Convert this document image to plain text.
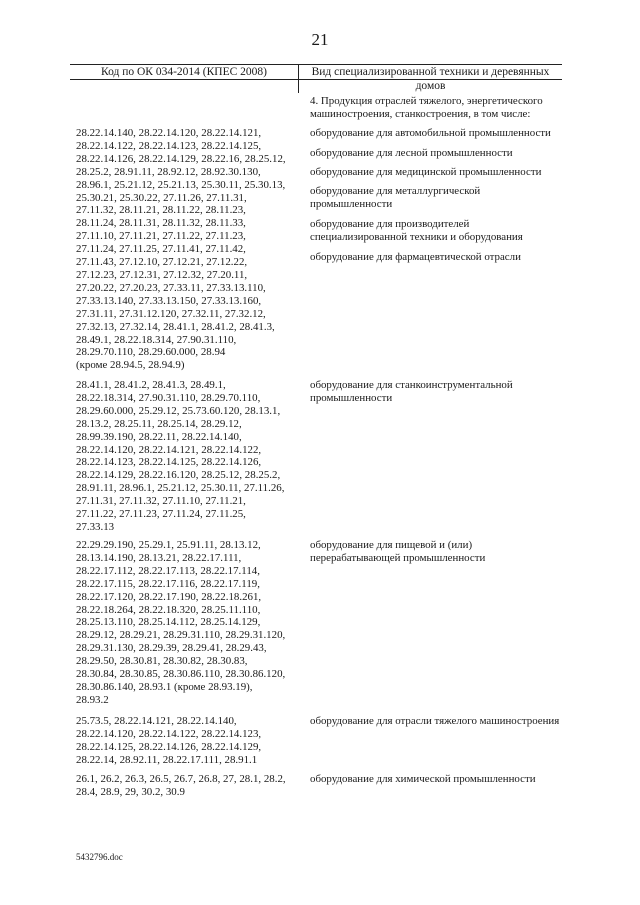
21
Код по ОК 034-2014 (КПЕС 2008)	Вид специализированной техники и деревянных домов
4. Продукция отраслей тяжелого, энергетического
машиностроения, станкостроения, в том числе:
28.22.14.140, 28.22.14.120, 28.22.14.121,
28.22.14.122, 28.22.14.123, 28.22.14.125,
28.22.14.126, 28.22.14.129, 28.22.16, 28.25.12,
28.25.2, 28.91.11, 28.92.12, 28.92.30.130,
28.96.1, 25.21.12, 25.21.13, 25.30.11, 25.30.13,
25.30.21, 25.30.22, 27.11.26, 27.11.31,
27.11.32, 28.11.21, 28.11.22, 28.11.23,
28.11.24, 28.11.31, 28.11.32, 28.11.33,
27.11.10, 27.11.21, 27.11.22, 27.11.23,
27.11.24, 27.11.25, 27.11.41, 27.11.42,
27.11.43, 27.12.10, 27.12.21, 27.12.22,
27.12.23, 27.12.31, 27.12.32, 27.20.11,
27.20.22, 27.20.23, 27.33.11, 27.33.13.110,
27.33.13.140, 27.33.13.150, 27.33.13.160,
27.31.11, 27.31.12.120, 27.32.11, 27.32.12,
27.32.13, 27.32.14, 28.41.1, 28.41.2, 28.41.3,
28.49.1, 28.22.18.314, 27.90.31.110,
28.29.70.110, 28.29.60.000, 28.94
(кроме 28.94.5, 28.94.9)
оборудование для автомобильной промышленности
оборудование для лесной промышленности
оборудование для медицинской промышленности
оборудование для металлургической
промышленности
оборудование для производителей
специализированной техники и оборудования
оборудование для фармацевтической отрасли
28.41.1, 28.41.2, 28.41.3, 28.49.1,
28.22.18.314, 27.90.31.110, 28.29.70.110,
28.29.60.000, 25.29.12, 25.73.60.120, 28.13.1,
28.13.2, 28.25.11, 28.25.14, 28.29.12,
28.99.39.190, 28.22.11, 28.22.14.140,
28.22.14.120, 28.22.14.121, 28.22.14.122,
28.22.14.123, 28.22.14.125, 28.22.14.126,
28.22.14.129, 28.22.16.120, 28.25.12, 28.25.2,
28.91.11, 28.96.1, 25.21.12, 25.30.11, 27.11.26,
27.11.31, 27.11.32, 27.11.10, 27.11.21,
27.11.22, 27.11.23, 27.11.24, 27.11.25,
27.33.13
оборудование для станкоинструментальной
промышленности
22.29.29.190, 25.29.1, 25.91.11, 28.13.12,
28.13.14.190, 28.13.21, 28.22.17.111,
28.22.17.112, 28.22.17.113, 28.22.17.114,
28.22.17.115, 28.22.17.116, 28.22.17.119,
28.22.17.120, 28.22.17.190, 28.22.18.261,
28.22.18.264, 28.22.18.320, 28.25.11.110,
28.25.13.110, 28.25.14.112, 28.25.14.129,
28.29.12, 28.29.21, 28.29.31.110, 28.29.31.120,
28.29.31.130, 28.29.39, 28.29.41, 28.29.43,
28.29.50, 28.30.81, 28.30.82, 28.30.83,
28.30.84, 28.30.85, 28.30.86.110, 28.30.86.120,
28.30.86.140, 28.93.1 (кроме 28.93.19),
28.93.2
оборудование для пищевой и (или)
перерабатывающей промышленности
25.73.5, 28.22.14.121, 28.22.14.140,
28.22.14.120, 28.22.14.122, 28.22.14.123,
28.22.14.125, 28.22.14.126, 28.22.14.129,
28.22.14, 28.92.11, 28.22.17.111, 28.91.1
оборудование для отрасли тяжелого машиностроения
26.1, 26.2, 26.3, 26.5, 26.7, 26.8, 27, 28.1, 28.2,
28.4, 28.9, 29, 30.2, 30.9
оборудование для химической промышленности
5432796.doc
